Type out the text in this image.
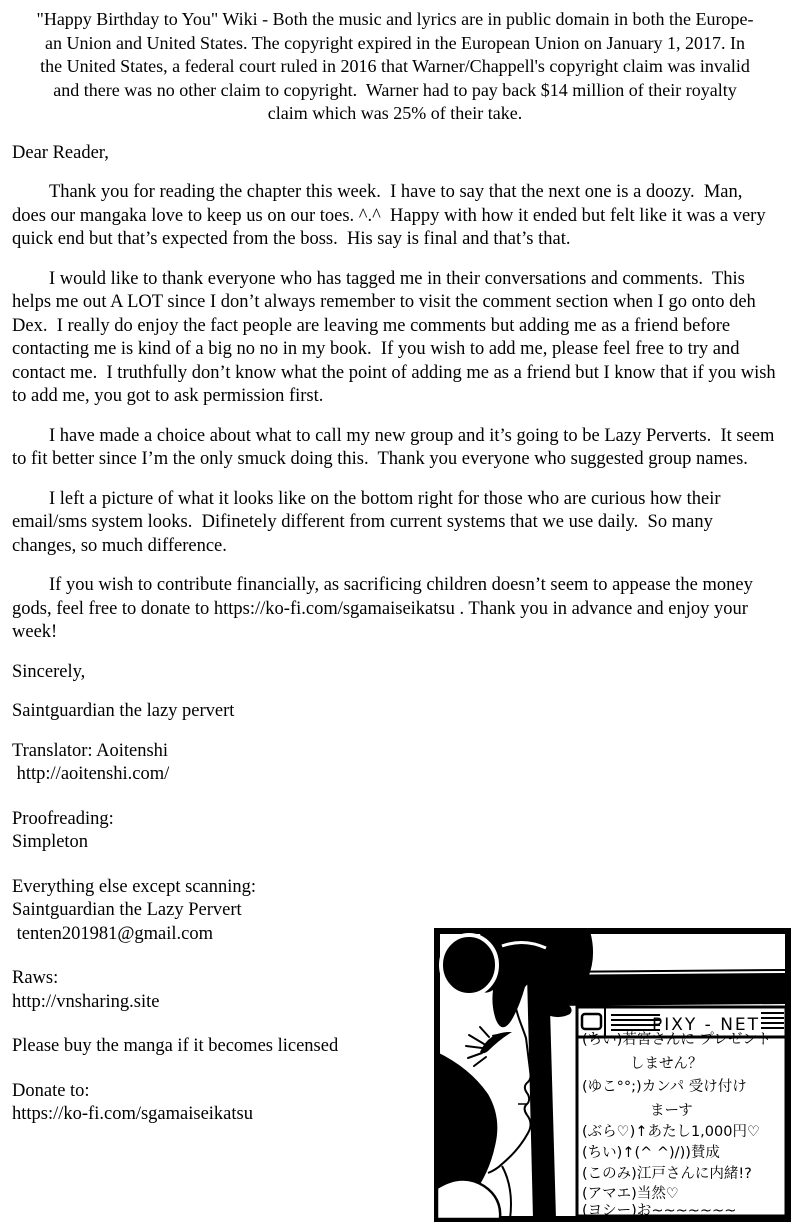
"Happy Birthday to You" Wiki - Both the music and lyrics are in public domain in both the Europe-
an Union and United States. The copyright expired in the European Union on January 1, 2017. In
the United States, a federal court ruled in 2016 that Warner/Chappell's copyright claim was invalid
and there was no other claim to copyright.  Warner had to pay back $14 million of their royalty
claim which was 25% of their take.

Dear Reader,

Thank you for reading the chapter this week.  I have to say that the next one is a doozy.  Man, does our mangaka love to keep us on our toes. ^.^  Happy with how it ended but felt like it was a very quick end but that’s expected from the boss.  His say is final and that’s that.

I would like to thank everyone who has tagged me in their conversations and comments.  This helps me out A LOT since I don’t always remember to visit the comment section when I go onto deh Dex.  I really do enjoy the fact people are leaving me comments but adding me as a friend before contacting me is kind of a big no no in my book.  If you wish to add me, please feel free to try and contact me.  I truthfully don’t know what the point of adding me as a friend but I know that if you wish to add me, you got to ask permission first.

I have made a choice about what to call my new group and it’s going to be Lazy Perverts.  It seem to fit better since I’m the only smuck doing this.  Thank you everyone who suggested group names.

I left a picture of what it looks like on the bottom right for those who are curious how their email/sms system looks.  Difinetely different from current systems that we use daily.  So many changes, so much difference.

If you wish to contribute financially, as sacrificing children doesn’t seem to appease the money gods, feel free to donate to https://ko-fi.com/sgamaiseikatsu . Thank you in advance and enjoy your week!

Sincerely,

Saintguardian the lazy pervert

Translator: Aoitenshi
http://aoitenshi.com/
Proofreading:
Simpleton
Everything else except scanning:
Saintguardian the Lazy Pervert
tenten201981@gmail.com
Raws:
http://vnsharing.site
Please buy the manga if it becomes licensed
Donate to:
https://ko-fi.com/sgamaiseikatsu
PIXY - NET
(ちい)若宮さんに プレゼント
しません？
(ゆこ°°;)カンパ 受け付け
まーす
(ぶら♡)↑あたし1,000円♡
(ちい)↑(^ ^)/))賛成
(このみ)江戸さんに内緒!?
(アマエ)当然♡
(ヨシー)お~~~~~~~
